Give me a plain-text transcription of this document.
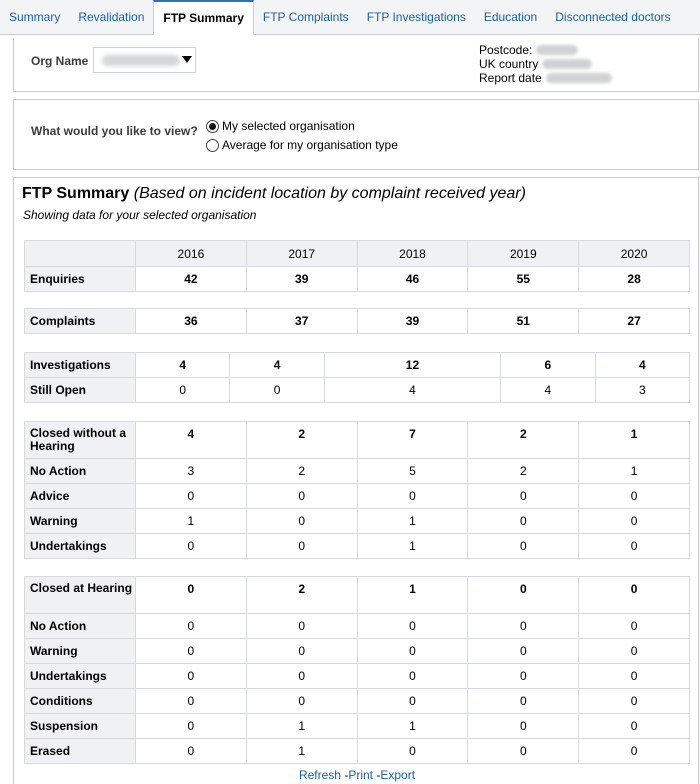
Summary	Revalidation	FTP Summary	FTP Complaints	FTP Investigations	Education	Disconnected doctors
Org Name
Postcode:
UK country
Report date
What would you like to view? My selected organisation
Average for my organisation type
FTP Summary (Based on incident location by complaint received year)
Showing data for your selected organisation
	2016	2017	2018	2019	2020
Enquiries	42	39	46	55	28
Complaints	36	37	39	51	27
Investigations	4	4	12	6	4
Still Open	0	0	4	4	3
Closed without a Hearing	4	2	7	2	1
No Action	3	2	5	2	1
Advice	0	0	0	0	0
Warning	1	0	1	0	0
Undertakings	0	0	1	0	0
Closed at Hearing	0	2	1	0	0
No Action	0	0	0	0	0
Warning	0	0	0	0	0
Undertakings	0	0	0	0	0
Conditions	0	0	0	0	0
Suspension	0	1	1	0	0
Erased	0	1	0	0	0
Refresh -Print -Export
